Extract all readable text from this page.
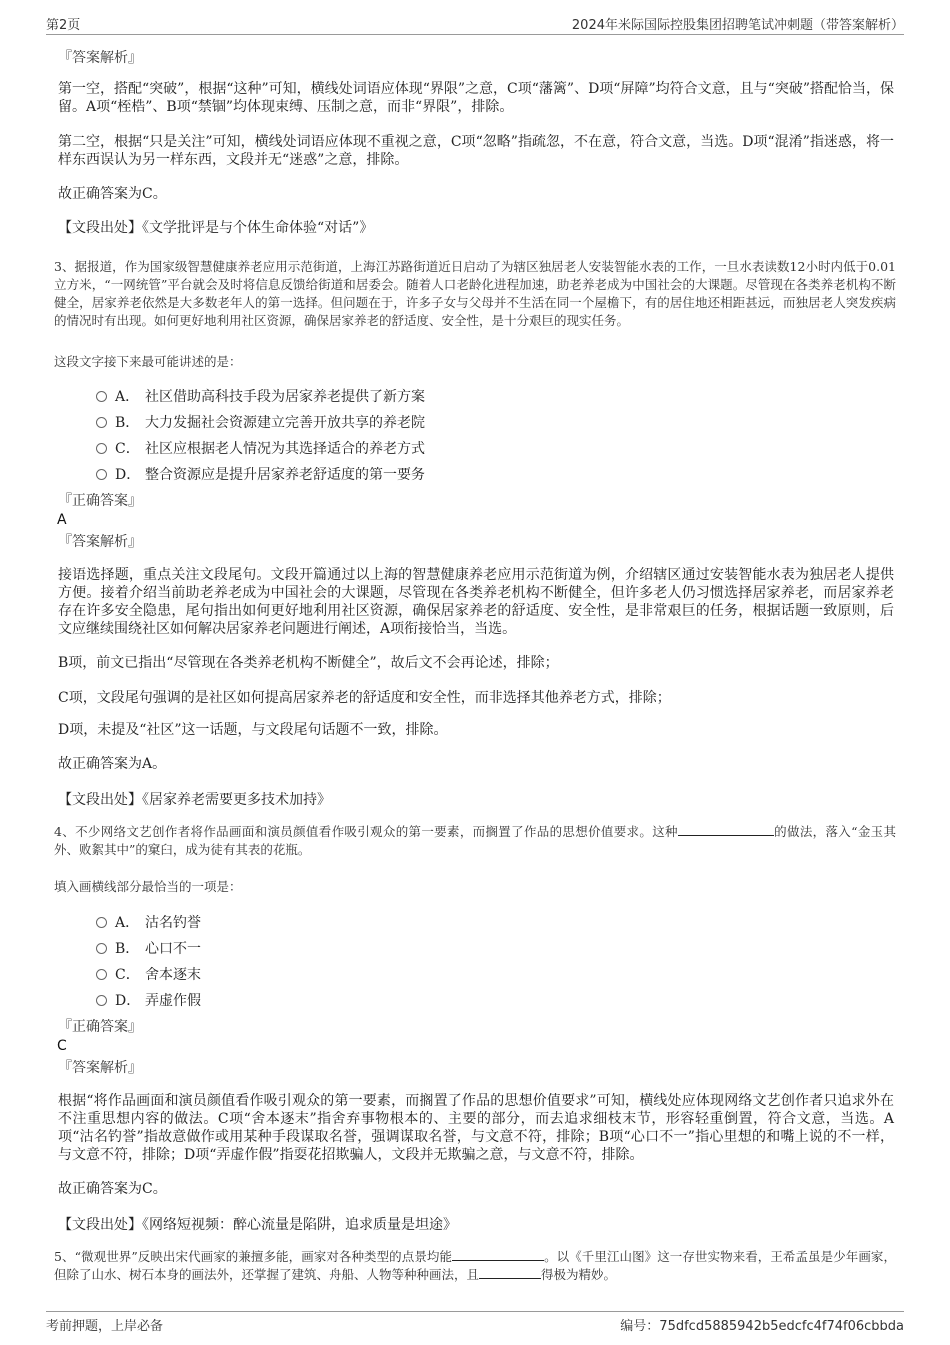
第2页	2024年米际国际控股集团招聘笔试冲刺题（带答案解析）
『答案解析』

第一空，搭配“突破”，根据“这种”可知，横线处词语应体现“界限”之意，C项“藩篱”、D项“屏障”均符合文意，且与“突破”搭配恰当，保留。A项“桎梏”、B项“禁锢”均体现束缚、压制之意，而非“界限”，排除。

第二空，根据“只是关注”可知，横线处词语应体现不重视之意，C项“忽略”指疏忽，不在意，符合文意，当选。D项“混淆”指迷惑，将一样东西误认为另一样东西，文段并无“迷惑”之意，排除。

故正确答案为C。

【文段出处】《文学批评是与个体生命体验“对话”》

3、据报道，作为国家级智慧健康养老应用示范街道，上海江苏路街道近日启动了为辖区独居老人安装智能水表的工作，一旦水表读数12小时内低于0.01立方米，“一网统管”平台就会及时将信息反馈给街道和居委会。随着人口老龄化进程加速，助老养老成为中国社会的大课题。尽管现在各类养老机构不断健全，居家养老依然是大多数老年人的第一选择。但问题在于，许多子女与父母并不生活在同一个屋檐下，有的居住地还相距甚远，而独居老人突发疾病的情况时有出现。如何更好地利用社区资源，确保居家养老的舒适度、安全性，是十分艰巨的现实任务。

这段文字接下来最可能讲述的是：

A． 社区借助高科技手段为居家养老提供了新方案
B． 大力发掘社会资源建立完善开放共享的养老院
C． 社区应根据老人情况为其选择适合的养老方式
D． 整合资源应是提升居家养老舒适度的第一要务
『正确答案』
A
『答案解析』

接语选择题，重点关注文段尾句。文段开篇通过以上海的智慧健康养老应用示范街道为例，介绍辖区通过安装智能水表为独居老人提供方便。接着介绍当前助老养老成为中国社会的大课题，尽管现在各类养老机构不断健全，但许多老人仍习惯选择居家养老，而居家养老存在许多安全隐患，尾句指出如何更好地利用社区资源，确保居家养老的舒适度、安全性，是非常艰巨的任务，根据话题一致原则，后文应继续围绕社区如何解决居家养老问题进行阐述，A项衔接恰当，当选。

B项，前文已指出“尽管现在各类养老机构不断健全”，故后文不会再论述，排除；

C项，文段尾句强调的是社区如何提高居家养老的舒适度和安全性，而非选择其他养老方式，排除；

D项，未提及“社区”这一话题，与文段尾句话题不一致，排除。

故正确答案为A。

【文段出处】《居家养老需要更多技术加持》

4、不少网络文艺创作者将作品画面和演员颜值看作吸引观众的第一要素，而搁置了作品的思想价值要求。这种	的做法，落入“金玉其外、败絮其中”的窠臼，成为徒有其表的花瓶。

填入画横线部分最恰当的一项是：

A． 沽名钓誉
B． 心口不一
C． 舍本逐末
D． 弄虚作假
『正确答案』
C
『答案解析』

根据“将作品画面和演员颜值看作吸引观众的第一要素，而搁置了作品的思想价值要求”可知，横线处应体现网络文艺创作者只追求外在不注重思想内容的做法。C项“舍本逐末”指舍弃事物根本的、主要的部分，而去追求细枝末节，形容轻重倒置，符合文意，当选。A项“沽名钓誉”指故意做作或用某种手段谋取名誉，强调谋取名誉，与文意不符，排除；B项“心口不一”指心里想的和嘴上说的不一样，与文意不符，排除；D项“弄虚作假”指耍花招欺骗人，文段并无欺骗之意，与文意不符，排除。

故正确答案为C。

【文段出处】《网络短视频：醉心流量是陷阱，追求质量是坦途》

5、“微观世界”反映出宋代画家的兼擅多能，画家对各种类型的点景均能	。以《千里江山图》这一存世实物来看，王希孟虽是少年画家，但除了山水、树石本身的画法外，还掌握了建筑、舟船、人物等种种画法，且	得极为精妙。

考前押题，上岸必备	编号：75dfcd5885942b5edcfc4f74f06cbbda
